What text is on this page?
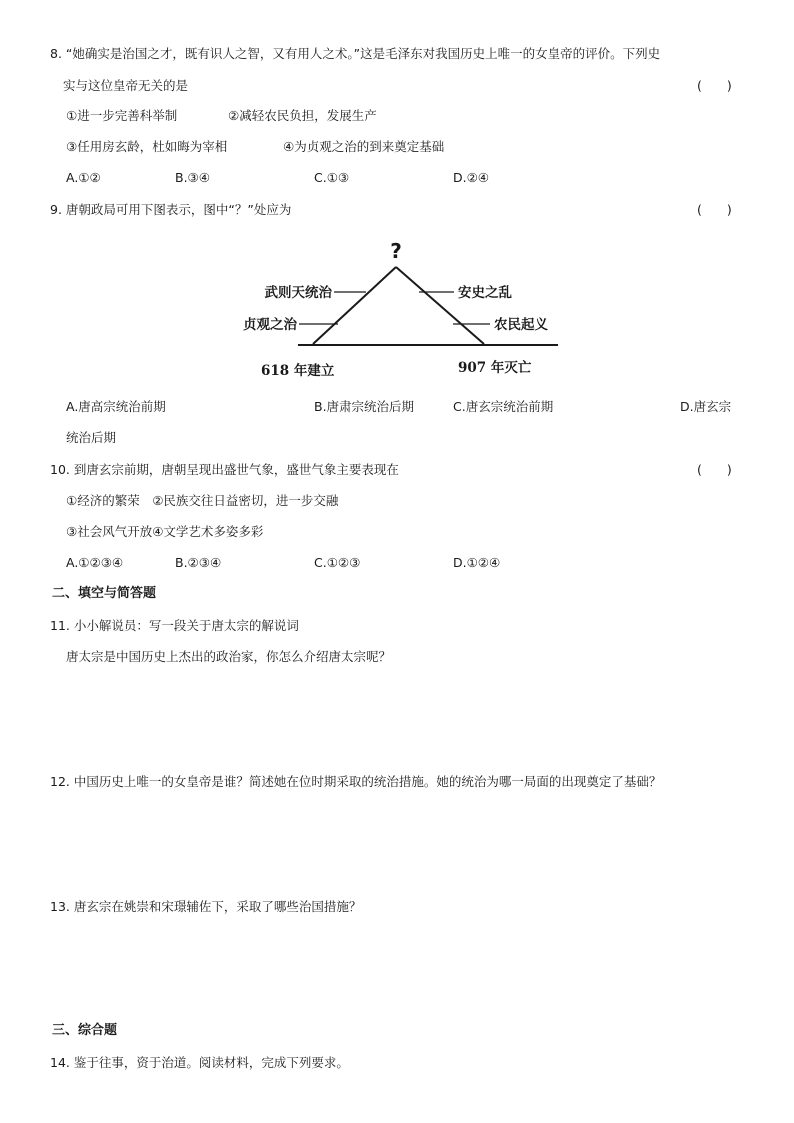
8. “她确实是治国之才，既有识人之智，又有用人之术。”这是毛泽东对我国历史上唯一的女皇帝的评价。下列史
实与这位皇帝无关的是	(　　)
①进一步完善科举制	②减轻农民负担，发展生产
③任用房玄龄，杜如晦为宰相	④为贞观之治的到来奠定基础
A.①②	B.③④	C.①③	D.②④
9. 唐朝政局可用下图表示，图中“？”处应为	(　　)
?
武则天统治
贞观之治
安史之乱
农民起义
618 年建立	907 年灭亡
A.唐高宗统治前期	B.唐肃宗统治后期	C.唐玄宗统治前期	D.唐玄宗
统治后期
10. 到唐玄宗前期，唐朝呈现出盛世气象，盛世气象主要表现在	(　　)
①经济的繁荣　②民族交往日益密切，进一步交融
③社会风气开放④文学艺术多姿多彩
A.①②③④	B.②③④	C.①②③	D.①②④
二、填空与简答题
11. 小小解说员：写一段关于唐太宗的解说词
唐太宗是中国历史上杰出的政治家，你怎么介绍唐太宗呢？
12. 中国历史上唯一的女皇帝是谁？简述她在位时期采取的统治措施。她的统治为哪一局面的出现奠定了基础？
13. 唐玄宗在姚崇和宋璟辅佐下，采取了哪些治国措施？
三、综合题
14. 鉴于往事，资于治道。阅读材料，完成下列要求。
